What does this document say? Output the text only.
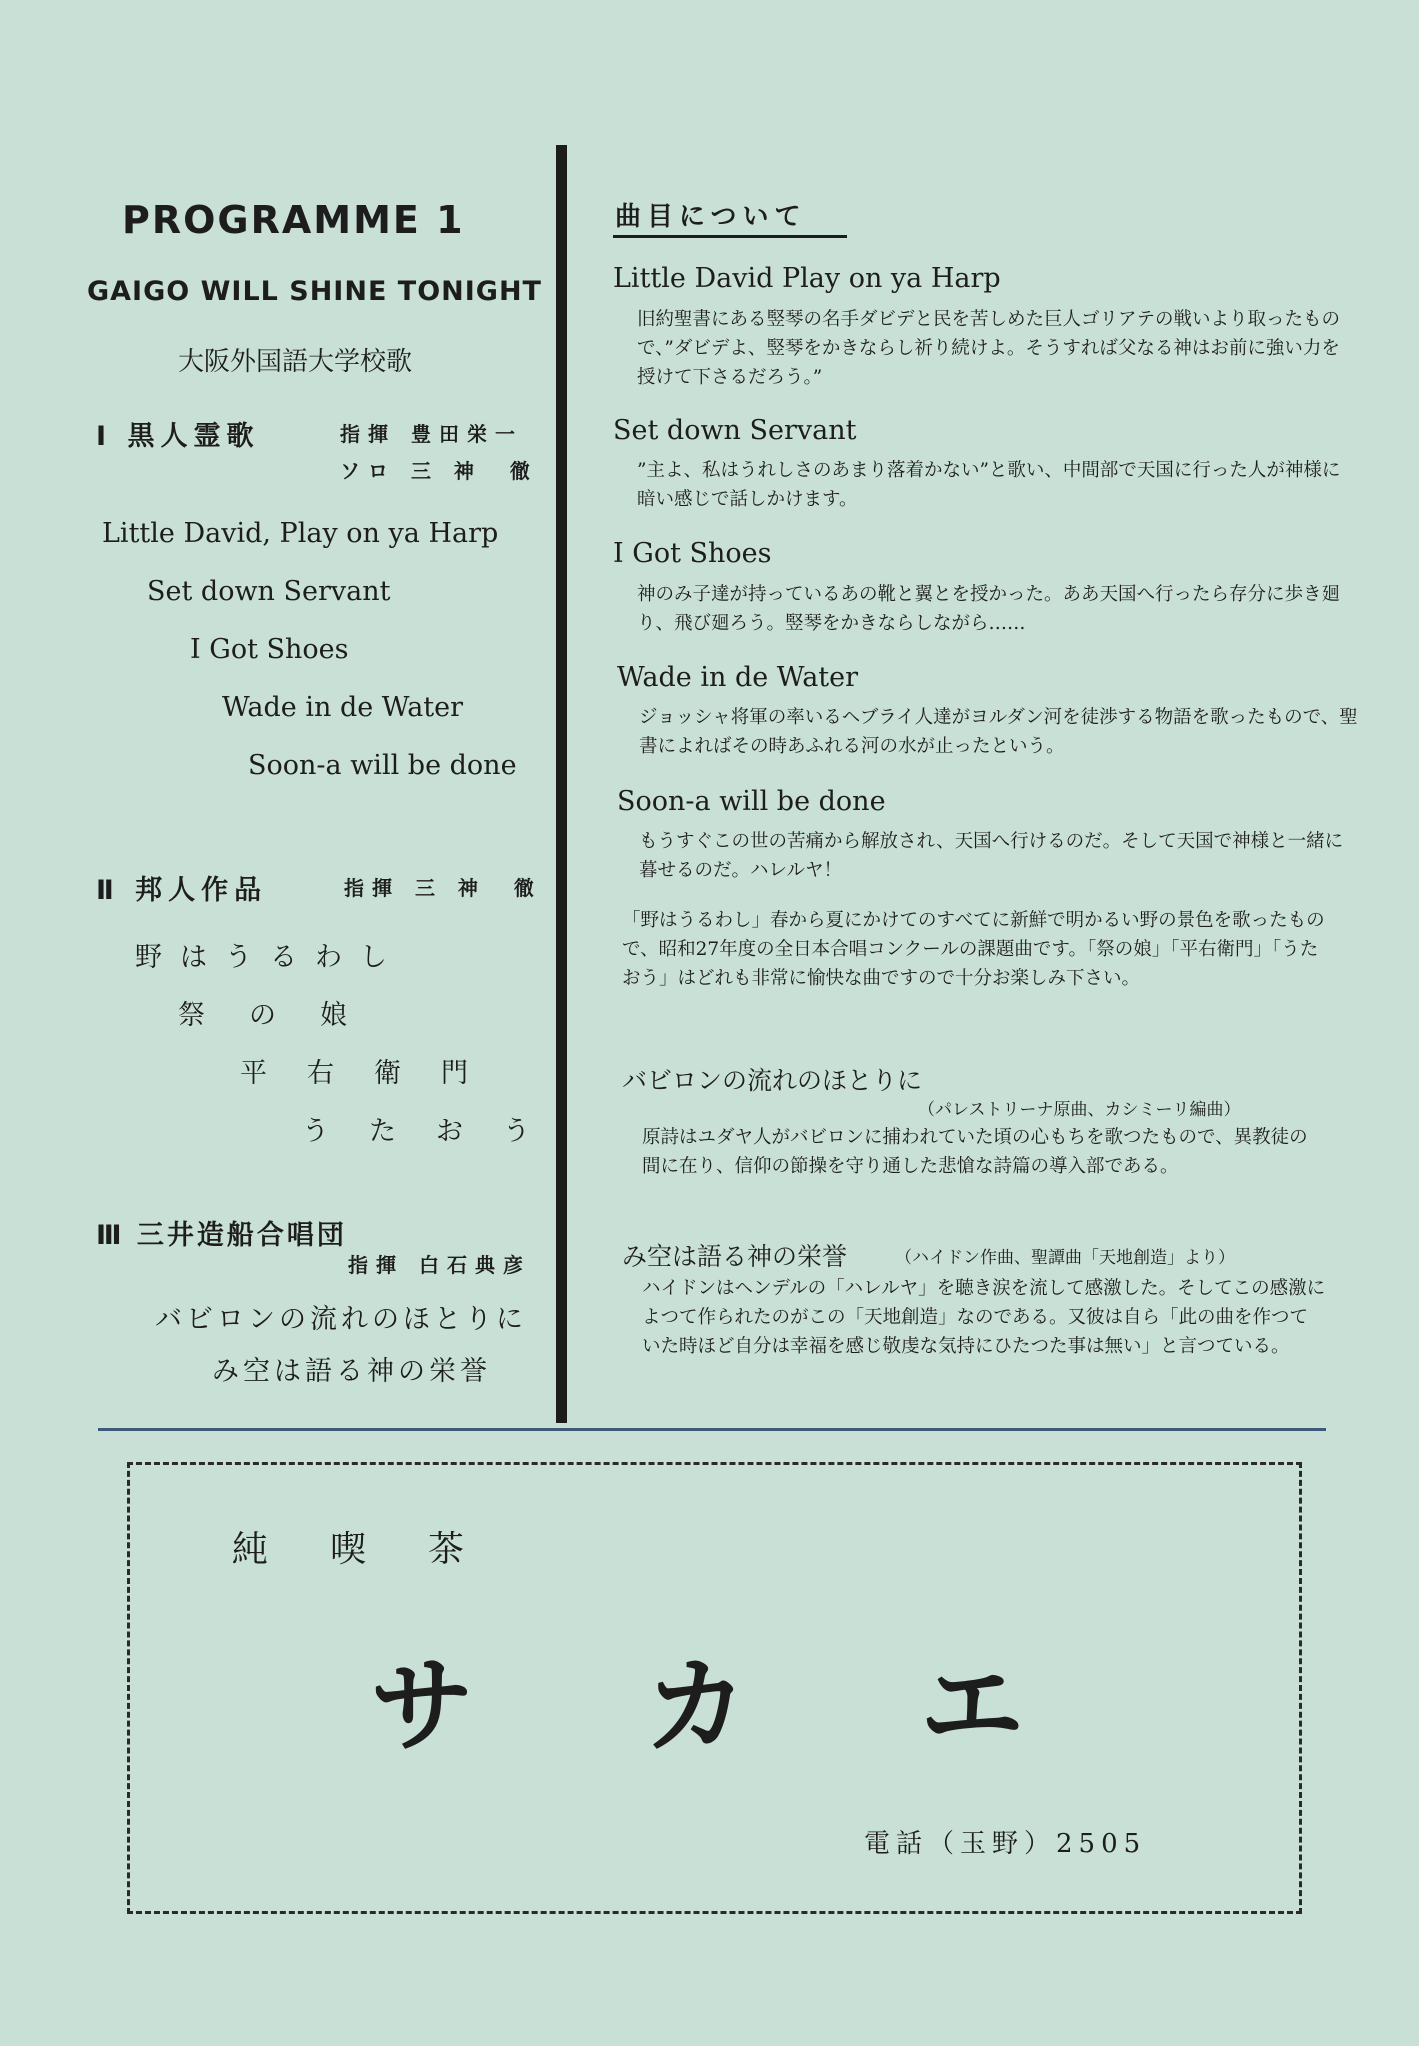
PROGRAMME 1
GAIGO WILL SHINE TONIGHT
大阪外国語大学校歌
Ⅰ 黒人霊歌	指揮 豊田栄一
ソロ 三 神　徹
Little David, Play on ya Harp
Set down Servant
I Got Shoes
Wade in de Water
Soon-a will be done
Ⅱ 邦人作品	指揮 三 神　徹
野はうるわし
祭の娘
平右衛門
うたおう
Ⅲ 三井造船合唱団
指揮 白石典彦
バビロンの流れのほとりに
み空は語る神の栄誉
曲目について
Little David Play on ya Harp
旧約聖書にある竪琴の名手ダビデと民を苦しめた巨人ゴリアテの戦いより取ったもので、”ダビデよ、竪琴をかきならし祈り続けよ。そうすれば父なる神はお前に強い力を授けて下さるだろう。”
Set down Servant
”主よ、私はうれしさのあまり落着かない”と歌い、中間部で天国に行った人が神様に暗い感じで話しかけます。
I Got Shoes
神のみ子達が持っているあの靴と翼とを授かった。ああ天国へ行ったら存分に歩き廻り、飛び廻ろう。竪琴をかきならしながら……
Wade in de Water
ジョッシャ将軍の率いるヘブライ人達がヨルダン河を徒渉する物語を歌ったもので、聖書によればその時あふれる河の水が止ったという。
Soon-a will be done
もうすぐこの世の苦痛から解放され、天国へ行けるのだ。そして天国で神様と一緒に暮せるのだ。ハレルヤ！
「野はうるわし」春から夏にかけてのすべてに新鮮で明かるい野の景色を歌ったもので、昭和27年度の全日本合唱コンクールの課題曲です。「祭の娘」「平右衛門」「うたおう」はどれも非常に愉快な曲ですので十分お楽しみ下さい。
バビロンの流れのほとりに
（パレストリーナ原曲、カシミーリ編曲）
原詩はユダヤ人がバビロンに捕われていた頃の心もちを歌つたもので、異教徒の間に在り、信仰の節操を守り通した悲愴な詩篇の導入部である。
み空は語る神の栄誉	（ハイドン作曲、聖譚曲「天地創造」より）
ハイドンはヘンデルの「ハレルヤ」を聴き涙を流して感激した。そしてこの感激によつて作られたのがこの「天地創造」なのである。又彼は自ら「此の曲を作つていた時ほど自分は幸福を感じ敬虔な気持にひたつた事は無い」と言つている。
純喫茶
サカエ
電話（玉野）2505
